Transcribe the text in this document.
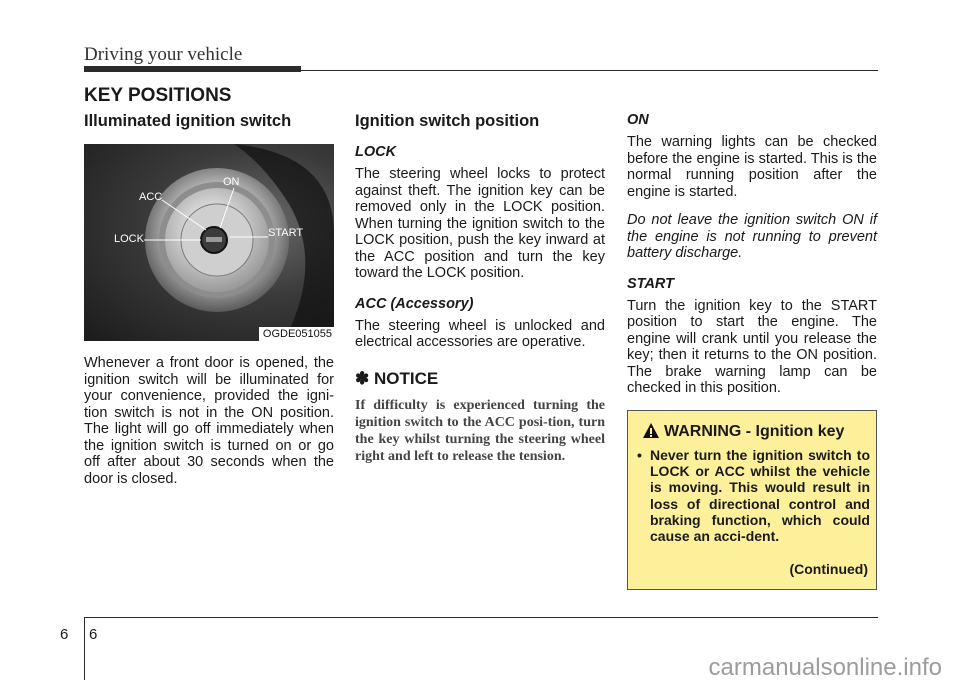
Driving your vehicle
KEY POSITIONS
Illuminated ignition switch
ACC
ON
LOCK	START
OGDE051055

Whenever a front door is opened, the ignition switch will be illuminated for your convenience, provided the igni-tion switch is not in the ON position. The light will go off immediately when the ignition switch is turned on or go off after about 30 seconds when the door is closed.

Ignition switch position
LOCK

The steering wheel locks to protect against theft. The ignition key can be removed only in the LOCK position. When turning the ignition switch to the LOCK position, push the key inward at the ACC position and turn the key toward the LOCK position.

ACC (Accessory)

The steering wheel is unlocked and electrical accessories are operative.

✽ NOTICE

If difficulty is experienced turning the ignition switch to the ACC posi-tion, turn the key whilst turning the steering wheel right and left to release the tension.

ON

The warning lights can be checked before the engine is started. This is the normal running position after the engine is started.

Do not leave the ignition switch ON if the engine is not running to prevent battery discharge.

START

Turn the ignition key to the START position to start the engine. The engine will crank until you release the key; then it returns to the ON position. The brake warning lamp can be checked in this position.

WARNING - Ignition key
• Never turn the ignition switch to LOCK or ACC whilst the vehicle is moving. This would result in loss of directional control and braking function, which could cause an acci-dent.
(Continued)
6 6
carmanualsonline.info
